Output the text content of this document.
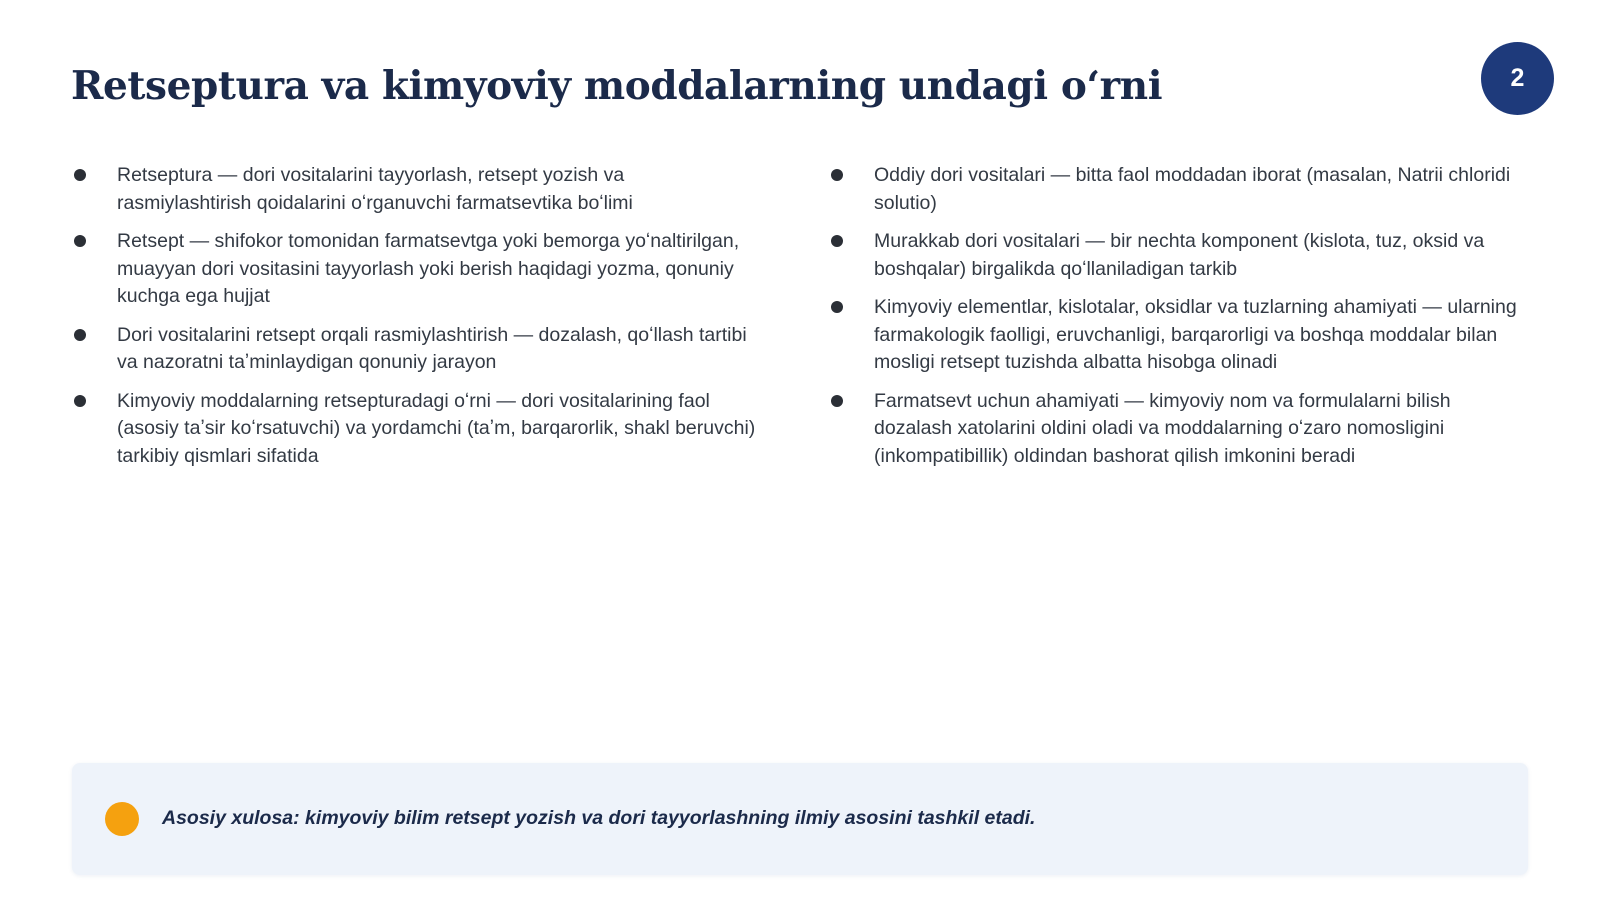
Retseptura va kimyoviy moddalarning undagi oʻrni	2
Retseptura — dori vositalarini tayyorlash, retsept yozish va rasmiylashtirish qoidalarini oʻrganuvchi farmatsevtika boʻlimi
Retsept — shifokor tomonidan farmatsevtga yoki bemorga yoʻnaltirilgan, muayyan dori vositasini tayyorlash yoki berish haqidagi yozma, qonuniy kuchga ega hujjat
Dori vositalarini retsept orqali rasmiylashtirish — dozalash, qoʻllash tartibi va nazoratni taʼminlaydigan qonuniy jarayon
Kimyoviy moddalarning retsepturadagi oʻrni — dori vositalarining faol (asosiy taʼsir koʻrsatuvchi) va yordamchi (taʼm, barqarorlik, shakl beruvchi) tarkibiy qismlari sifatida
Oddiy dori vositalari — bitta faol moddadan iborat (masalan, Natrii chloridi solutio)
Murakkab dori vositalari — bir nechta komponent (kislota, tuz, oksid va boshqalar) birgalikda qoʻllaniladigan tarkib
Kimyoviy elementlar, kislotalar, oksidlar va tuzlarning ahamiyati — ularning farmakologik faolligi, eruvchanligi, barqarorligi va boshqa moddalar bilan mosligi retsept tuzishda albatta hisobga olinadi
Farmatsevt uchun ahamiyati — kimyoviy nom va formulalarni bilish dozalash xatolarini oldini oladi va moddalarning oʻzaro nomosligini (inkompatibillik) oldindan bashorat qilish imkonini beradi
Asosiy xulosa: kimyoviy bilim retsept yozish va dori tayyorlashning ilmiy asosini tashkil etadi.
